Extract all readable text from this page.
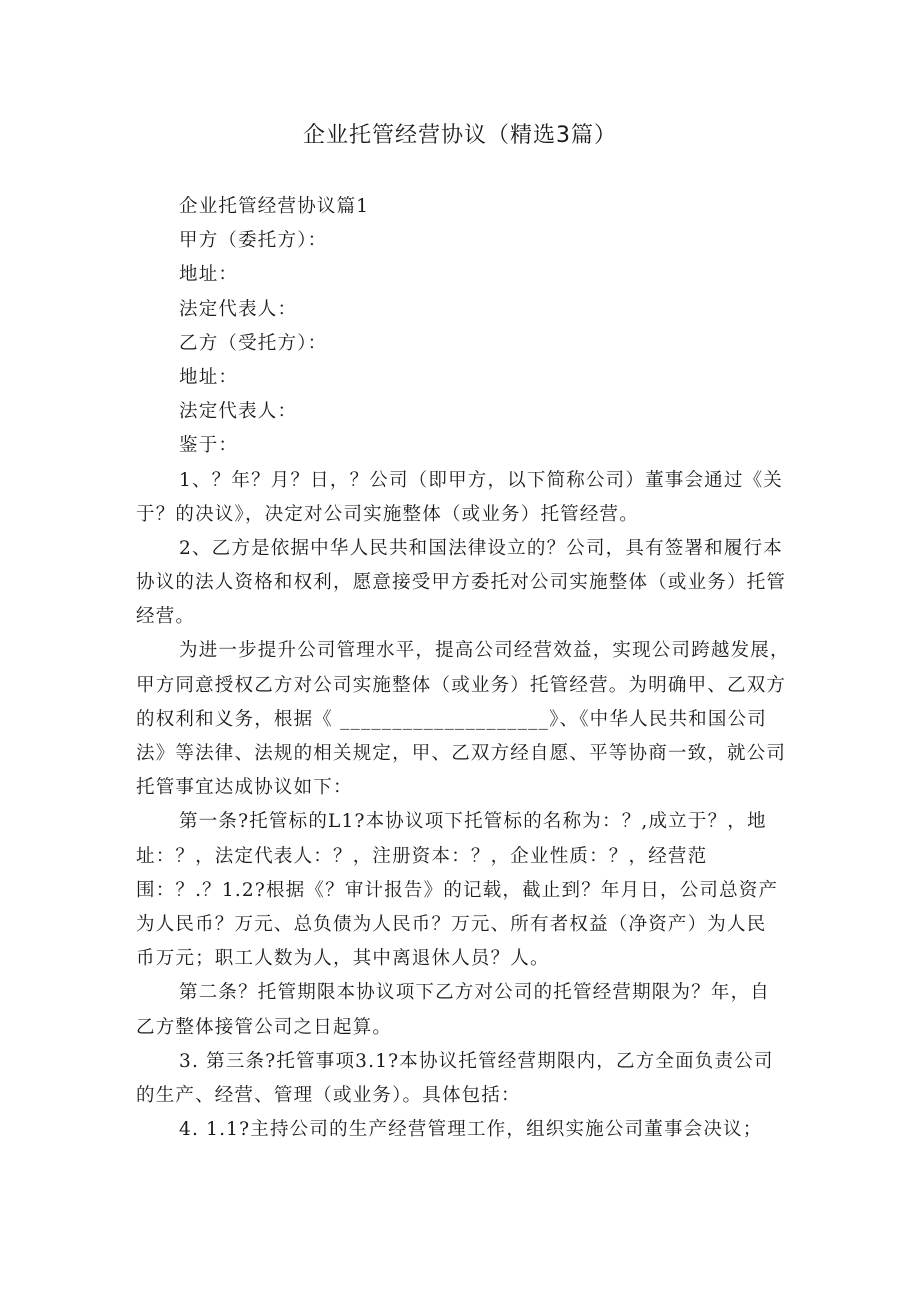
企业托管经营协议（精选3篇）
企业托管经营协议篇1
甲方（委托方）：
地址：
法定代表人：
乙方（受托方）：
地址：
法定代表人：
鉴于：
1、？年？月？日，？公司（即甲方，以下简称公司）董事会通过《关
于？的决议》，决定对公司实施整体（或业务）托管经营。
2、乙方是依据中华人民共和国法律设立的？公司，具有签署和履行本
协议的法人资格和权利，愿意接受甲方委托对公司实施整体（或业务）托管
经营。
为进一步提升公司管理水平，提高公司经营效益，实现公司跨越发展，
甲方同意授权乙方对公司实施整体（或业务）托管经营。为明确甲、乙双方
的权利和义务，根据《 ____________________》、《中华人民共和国公司
法》等法律、法规的相关规定，甲、乙双方经自愿、平等协商一致，就公司
托管事宜达成协议如下：
第一条?托管标的L1?本协议项下托管标的名称为：？,成立于？，地
址：？，法定代表人：？，注册资本：？，企业性质：？，经营范
围：？.？1.2?根据《？审计报告》的记载，截止到？年月日，公司总资产
为人民币？万元、总负债为人民币？万元、所有者权益（净资产）为人民
币万元；职工人数为人，其中离退休人员？人。
第二条？托管期限本协议项下乙方对公司的托管经营期限为？年，自
乙方整体接管公司之日起算。
3. 第三条?托管事项3.1?本协议托管经营期限内，乙方全面负责公司
的生产、经营、管理（或业务）。具体包括：
4. 1.1?主持公司的生产经营管理工作，组织实施公司董事会决议；
